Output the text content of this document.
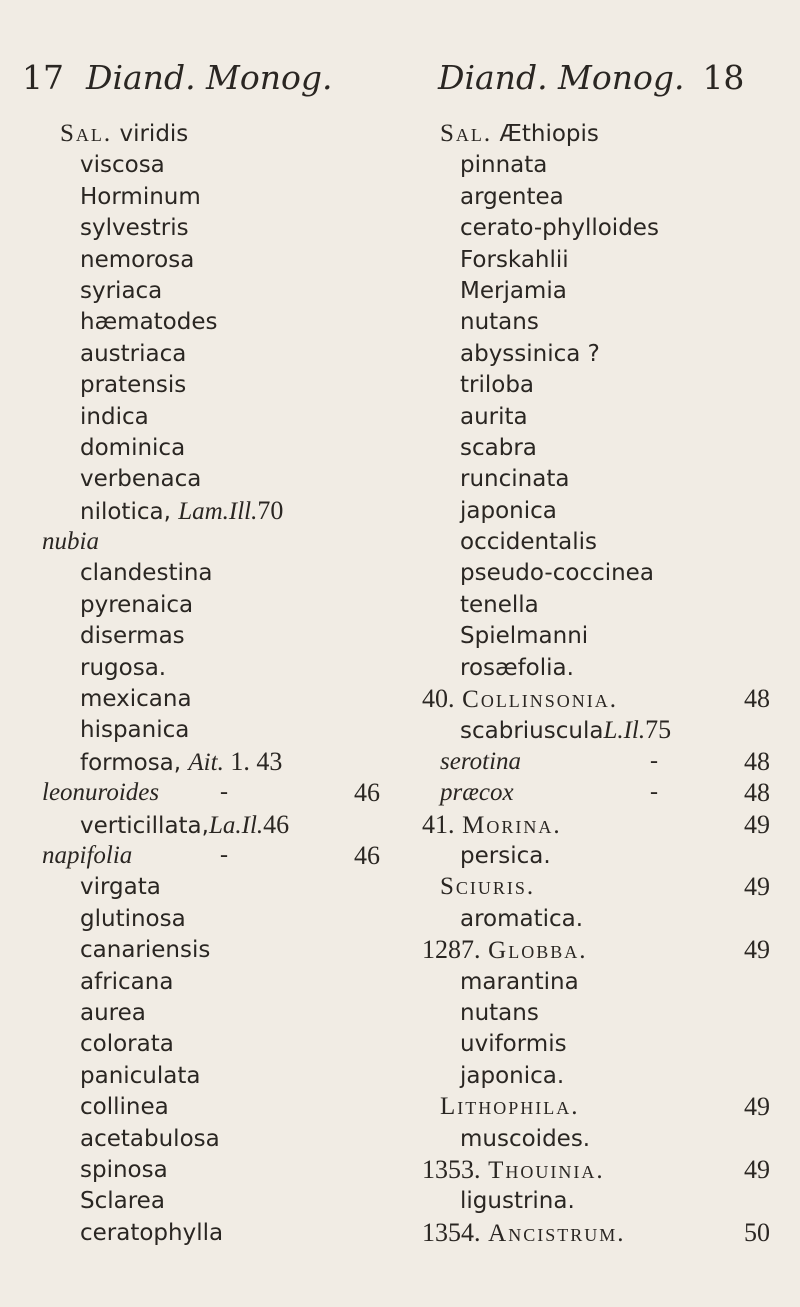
17 Diand. Monog.
Sal. viridis
viscosa
Horminum
sylvestris
nemorosa
syriaca
hæmatodes
austriaca
pratensis
indica
dominica
verbenaca
nilotica, Lam.Ill.70
nubia
clandestina
pyrenaica
disermas
rugosa.
mexicana
hispanica
formosa, Ait. 1. 43
leonuroides	-	46
verticillata,La.Il.46
napifolia	-	46
virgata
glutinosa
canariensis
africana
aurea
colorata
paniculata
collinea
acetabulosa
spinosa
Sclarea
ceratophylla
Diand. Monog. 18
Sal. Æthiopis
pinnata
argentea
cerato-phylloides
Forskahlii
Merjamia
nutans
abyssinica ?
triloba
aurita
scabra
runcinata
japonica
occidentalis
pseudo-coccinea
tenella
Spielmanni
rosæfolia.
40. Collinsonia.	48
scabriusculaL.Il.75
serotina	-	48
præcox	-	48
41. Morina.	49
persica.
Sciuris.	49
aromatica.
1287. Globba.	49
marantina
nutans
uviformis
japonica.
Lithophila.	49
muscoides.
1353. Thouinia.	49
ligustrina.
1354. Ancistrum.	50
